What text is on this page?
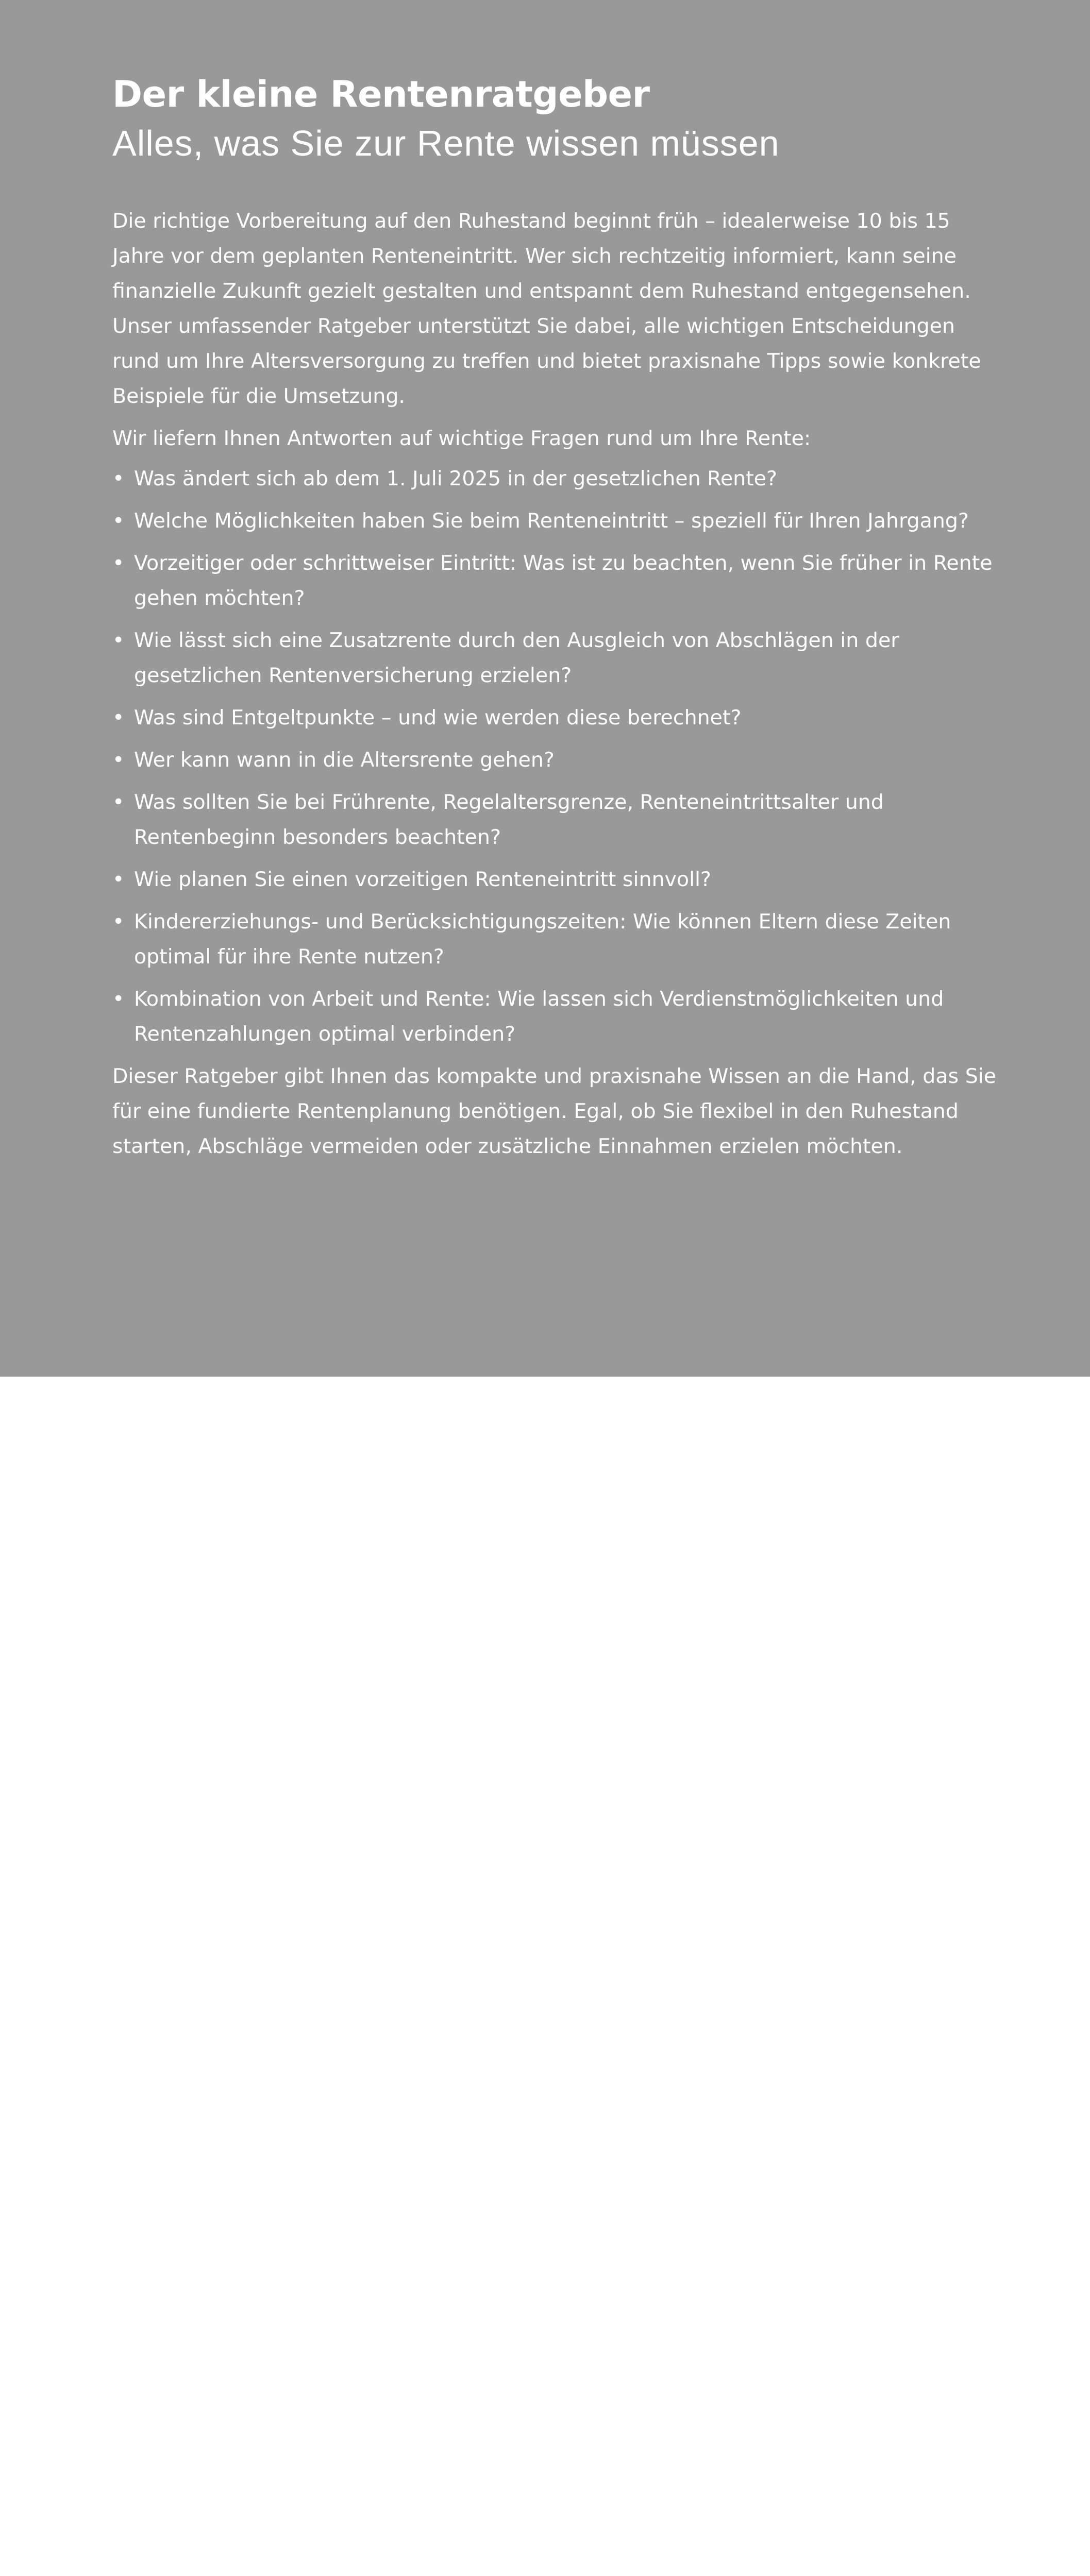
Der kleine Rentenratgeber
Alles, was Sie zur Rente wissen müssen

Die richtige Vorbereitung auf den Ruhestand beginnt früh – idealerweise 10 bis 15 Jahre vor dem geplanten Renteneintritt. Wer sich rechtzeitig informiert, kann seine finanzielle Zukunft gezielt gestalten und entspannt dem Ruhestand entgegensehen. Unser umfassender Ratgeber unterstützt Sie dabei, alle wichtigen Entscheidungen rund um Ihre Altersversorgung zu treffen und bietet praxisnahe Tipps sowie konkrete Beispiele für die Umsetzung.

Wir liefern Ihnen Antworten auf wichtige Fragen rund um Ihre Rente:

• Was ändert sich ab dem 1. Juli 2025 in der gesetzlichen Rente?
• Welche Möglichkeiten haben Sie beim Renteneintritt – speziell für Ihren Jahrgang?
• Vorzeitiger oder schrittweiser Eintritt: Was ist zu beachten, wenn Sie früher in Rente gehen möchten?
• Wie lässt sich eine Zusatzrente durch den Ausgleich von Abschlägen in der gesetzlichen Rentenversicherung erzielen?
• Was sind Entgeltpunkte – und wie werden diese berechnet?
• Wer kann wann in die Altersrente gehen?
• Was sollten Sie bei Frührente, Regelaltersgrenze, Renteneintrittsalter und Rentenbeginn besonders beachten?
• Wie planen Sie einen vorzeitigen Renteneintritt sinnvoll?
• Kindererziehungs- und Berücksichtigungszeiten: Wie können Eltern diese Zeiten optimal für ihre Rente nutzen?
• Kombination von Arbeit und Rente: Wie lassen sich Verdienstmöglichkeiten und Rentenzahlungen optimal verbinden?

Dieser Ratgeber gibt Ihnen das kompakte und praxisnahe Wissen an die Hand, das Sie für eine fundierte Rentenplanung benötigen. Egal, ob Sie flexibel in den Ruhestand starten, Abschläge vermeiden oder zusätzliche Einnahmen erzielen möchten.
